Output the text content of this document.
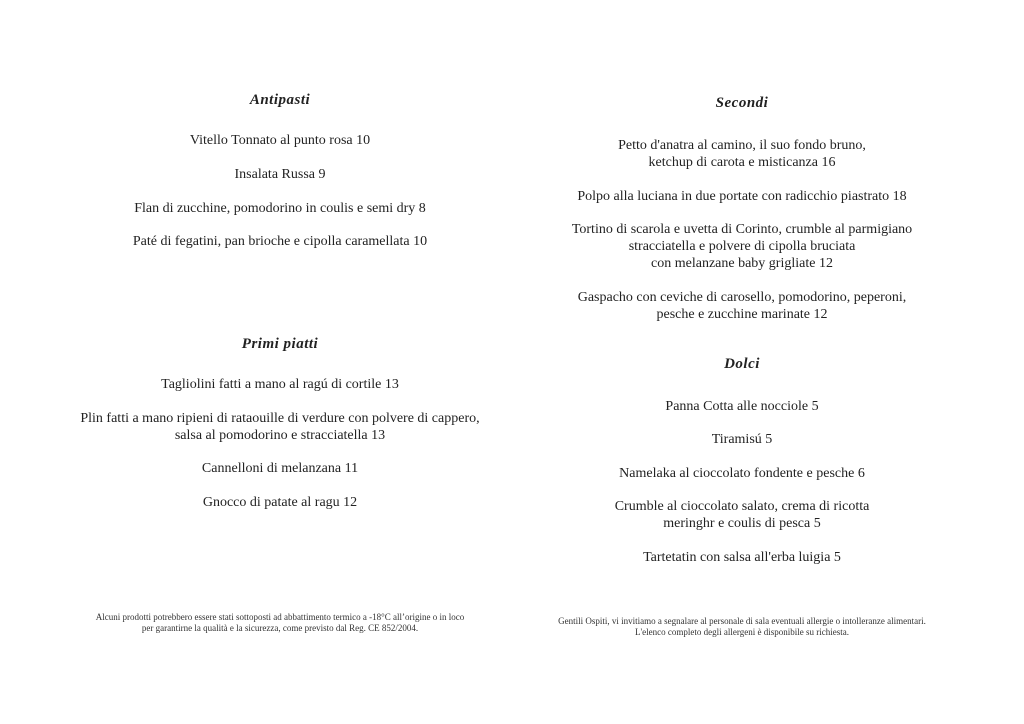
Antipasti

Vitello Tonnato al punto rosa 10

Insalata Russa 9

Flan di zucchine, pomodorino in coulis e semi dry 8

Paté di fegatini, pan brioche e cipolla caramellata 10

Primi piatti

Tagliolini fatti a mano al ragú di cortile 13

Plin fatti a mano ripieni di rataouille di verdure con polvere di cappero,
salsa al pomodorino e stracciatella 13

Cannelloni di melanzana 11

Gnocco di patate al ragu 12

Alcuni prodotti potrebbero essere stati sottoposti ad abbattimento termico a -18°C all’origine o in loco
per garantirne la qualità e la sicurezza, come previsto dal Reg. CE 852/2004.
Secondi

Petto d'anatra al camino, il suo fondo bruno,
ketchup di carota e misticanza 16

Polpo alla luciana in due portate con radicchio piastrato 18

Tortino di scarola e uvetta di Corinto, crumble al parmigiano
stracciatella e polvere di cipolla bruciata
con melanzane baby grigliate 12

Gaspacho con ceviche di carosello, pomodorino, peperoni,
pesche e zucchine marinate 12

Dolci

Panna Cotta alle nocciole 5

Tiramisú 5

Namelaka al cioccolato fondente e pesche 6

Crumble al cioccolato salato, crema di ricotta
meringhr e coulis di pesca 5

Tartetatin con salsa all'erba luigia 5

Gentili Ospiti, vi invitiamo a segnalare al personale di sala eventuali allergie o intolleranze alimentari.
L'elenco completo degli allergeni è disponibile su richiesta.
